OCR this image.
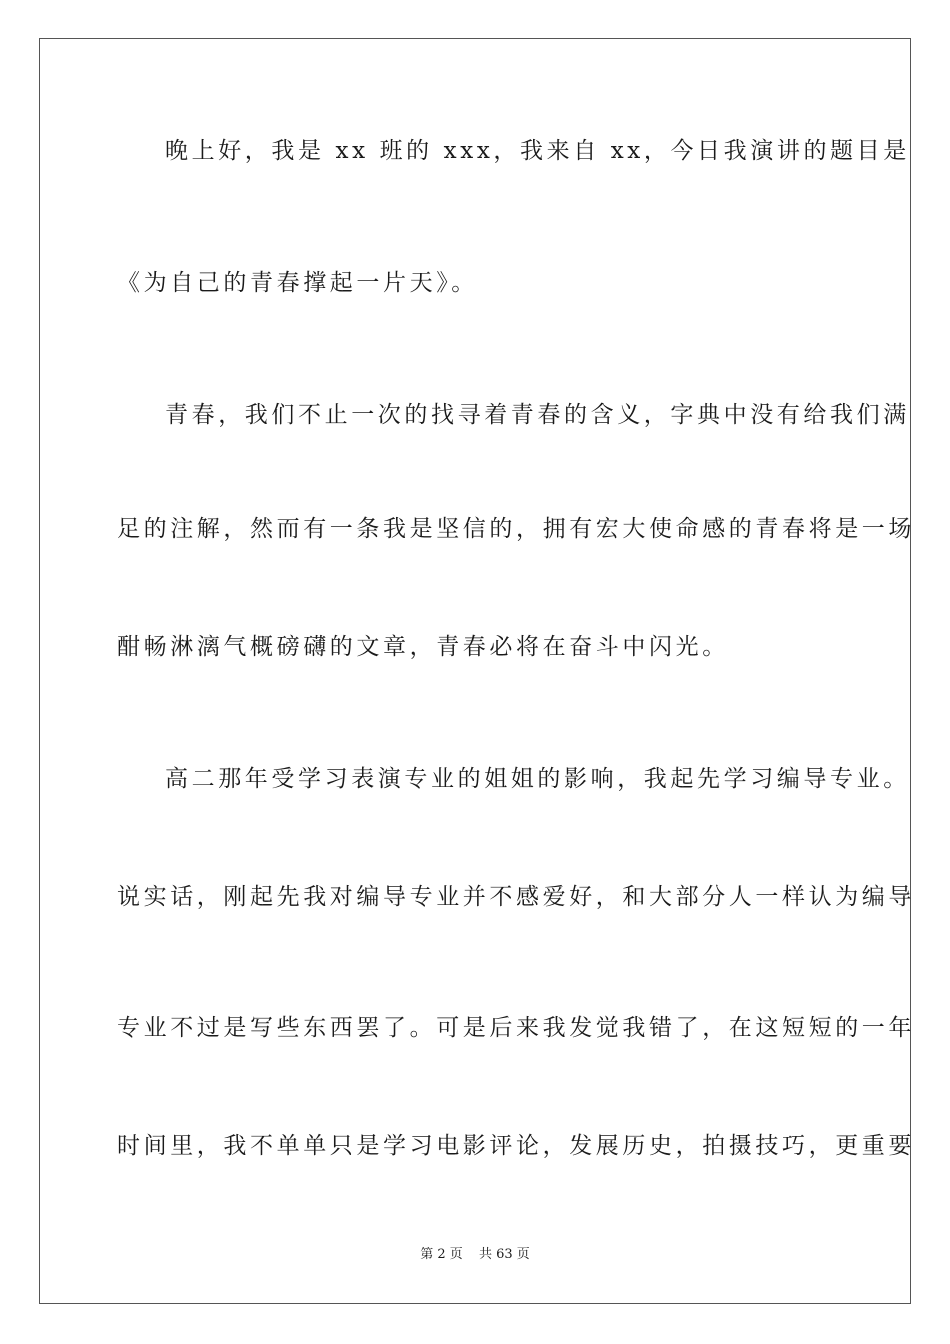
晚上好，我是 xx 班的 xxx，我来自 xx，今日我演讲的题目是
《为自己的青春撑起一片天》。
青春，我们不止一次的找寻着青春的含义，字典中没有给我们满
足的注解，然而有一条我是坚信的，拥有宏大使命感的青春将是一场
酣畅淋漓气概磅礴的文章，青春必将在奋斗中闪光。
高二那年受学习表演专业的姐姐的影响，我起先学习编导专业。
说实话，刚起先我对编导专业并不感爱好，和大部分人一样认为编导
专业不过是写些东西罢了。可是后来我发觉我错了，在这短短的一年
时间里，我不单单只是学习电影评论，发展历史，拍摄技巧，更重要
第 2 页 共 63 页
